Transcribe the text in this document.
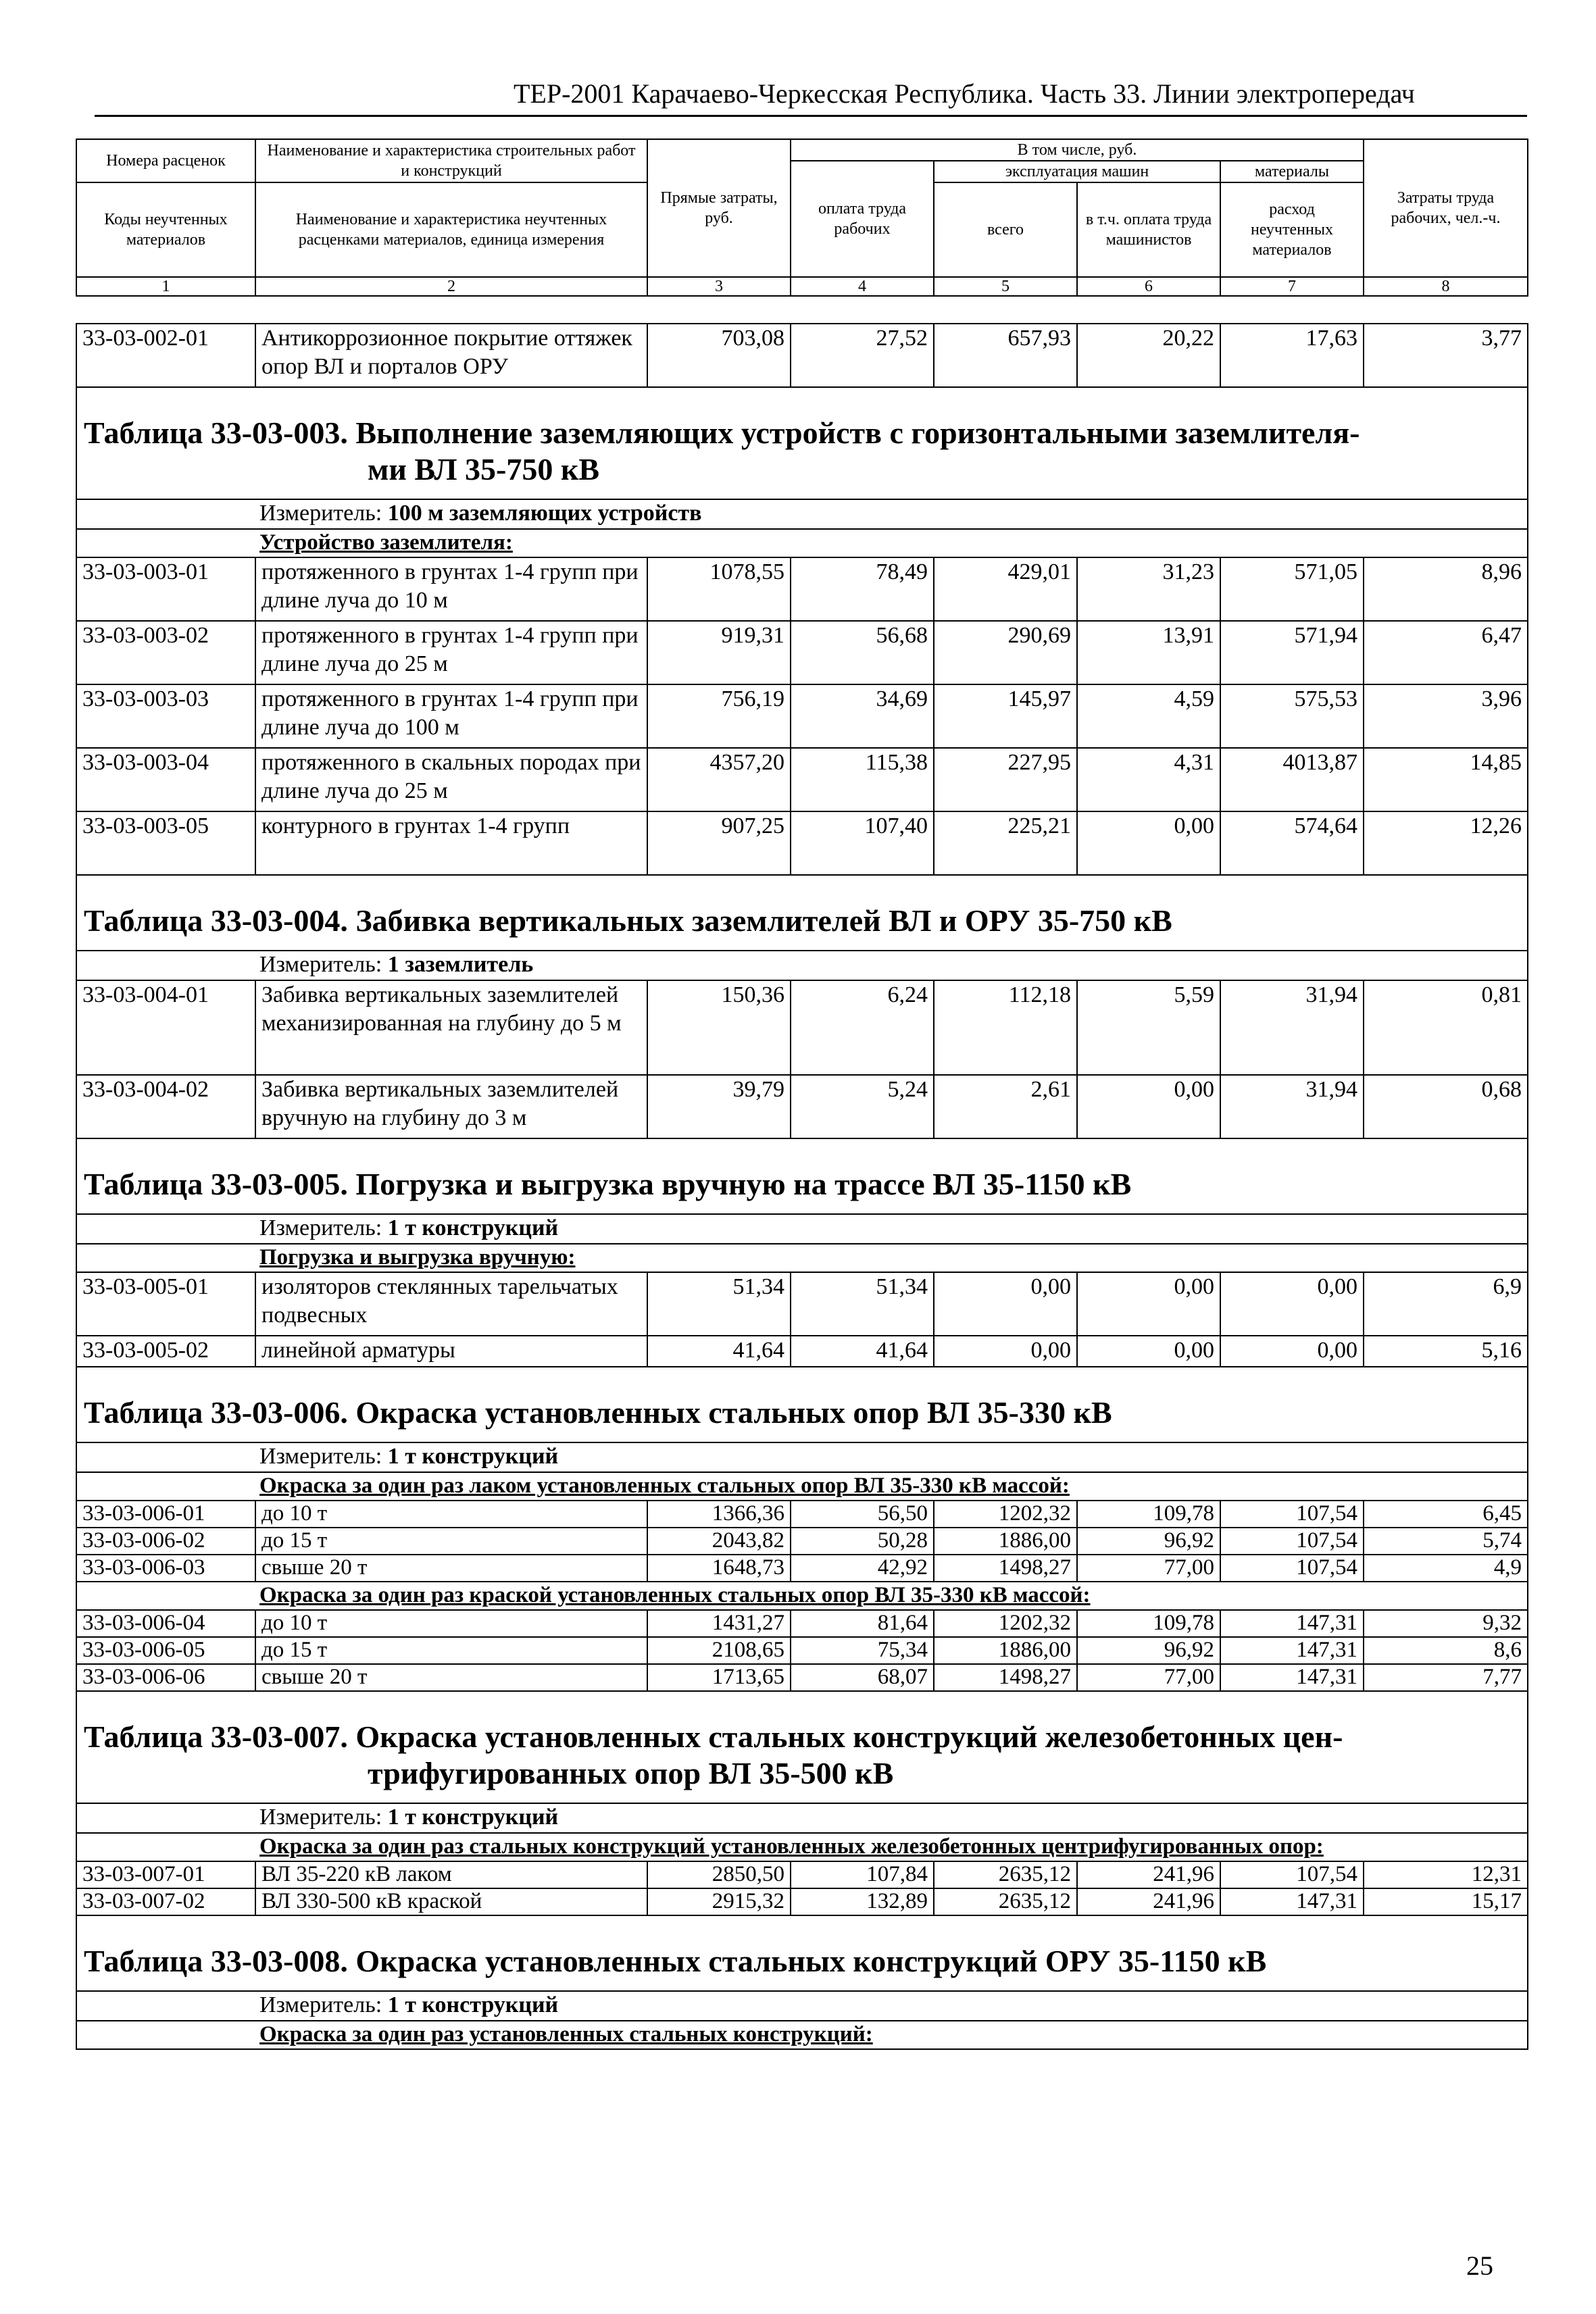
ТЕР-2001 Карачаево-Черкесская Республика. Часть 33. Линии электропередач
Номера расценок	Наименование и характеристика строительных работ и конструкций	Прямые затраты, руб.	В том числе, руб.				Затраты труда рабочих, чел.-ч.
			оплата труда рабочих	эксплуатация машин		материалы	
Коды неучтенных материалов	Наименование и характеристика неучтенных расценками материалов, единица измерения			всего	в т.ч. оплата труда машинистов	расход неучтенных материалов	

1	2	3	4	5	6	7	8
33-03-002-01	Антикоррозионное покрытие оттяжек опор ВЛ и порталов ОРУ	703,08	27,52	657,93	20,22	17,63	3,77
Таблица 33-03-003. Выполнение заземляющих устройств с горизонтальными заземлителя-
ми ВЛ 35-750 кВ							

Измеритель: 100 м заземляющих устройств							
Устройство заземлителя:							
33-03-003-01	протяженного в грунтах 1-4 групп при длине луча до 10 м	1078,55	78,49	429,01	31,23	571,05	8,96
33-03-003-02	протяженного в грунтах 1-4 групп при длине луча до 25 м	919,31	56,68	290,69	13,91	571,94	6,47
33-03-003-03	протяженного в грунтах 1-4 групп при длине луча до 100 м	756,19	34,69	145,97	4,59	575,53	3,96
33-03-003-04	протяженного в скальных породах при длине луча до 25 м	4357,20	115,38	227,95	4,31	4013,87	14,85
33-03-003-05	контурного в грунтах 1-4 групп	907,25	107,40	225,21	0,00	574,64	12,26
Таблица 33-03-004. Забивка вертикальных заземлителей ВЛ и ОРУ 35-750 кВ							
Измеритель: 1 заземлитель							
33-03-004-01	Забивка вертикальных заземлителей механизированная на глубину до 5 м	150,36	6,24	112,18	5,59	31,94	0,81
33-03-004-02	Забивка вертикальных заземлителей вручную на глубину до 3 м	39,79	5,24	2,61	0,00	31,94	0,68
Таблица 33-03-005. Погрузка и выгрузка вручную на трассе ВЛ 35-1150 кВ							
Измеритель: 1 т конструкций							
Погрузка и выгрузка вручную:							
33-03-005-01	изоляторов стеклянных тарельчатых подвесных	51,34	51,34	0,00	0,00	0,00	6,9
33-03-005-02	линейной арматуры	41,64	41,64	0,00	0,00	0,00	5,16
Таблица 33-03-006. Окраска установленных стальных опор ВЛ 35-330 кВ							
Измеритель: 1 т конструкций							
Окраска за один раз лаком установленных стальных опор ВЛ 35-330 кВ массой:							
33-03-006-01	до 10 т	1366,36	56,50	1202,32	109,78	107,54	6,45
33-03-006-02	до 15 т	2043,82	50,28	1886,00	96,92	107,54	5,74
33-03-006-03	свыше 20 т	1648,73	42,92	1498,27	77,00	107,54	4,9
Окраска за один раз краской установленных стальных опор ВЛ 35-330 кВ массой:							
33-03-006-04	до 10 т	1431,27	81,64	1202,32	109,78	147,31	9,32
33-03-006-05	до 15 т	2108,65	75,34	1886,00	96,92	147,31	8,6
33-03-006-06	свыше 20 т	1713,65	68,07	1498,27	77,00	147,31	7,77
Таблица 33-03-007. Окраска установленных стальных конструкций железобетонных цен-
трифугированных опор ВЛ 35-500 кВ							

Измеритель: 1 т конструкций							
Окраска за один раз стальных конструкций установленных железобетонных центрифугированных опор:							
33-03-007-01	ВЛ 35-220 кВ лаком	2850,50	107,84	2635,12	241,96	107,54	12,31
33-03-007-02	ВЛ 330-500 кВ краской	2915,32	132,89	2635,12	241,96	147,31	15,17
Таблица 33-03-008. Окраска установленных стальных конструкций ОРУ 35-1150 кВ							
Измеритель: 1 т конструкций							
Окраска за один раз установленных стальных конструкций:							
25
